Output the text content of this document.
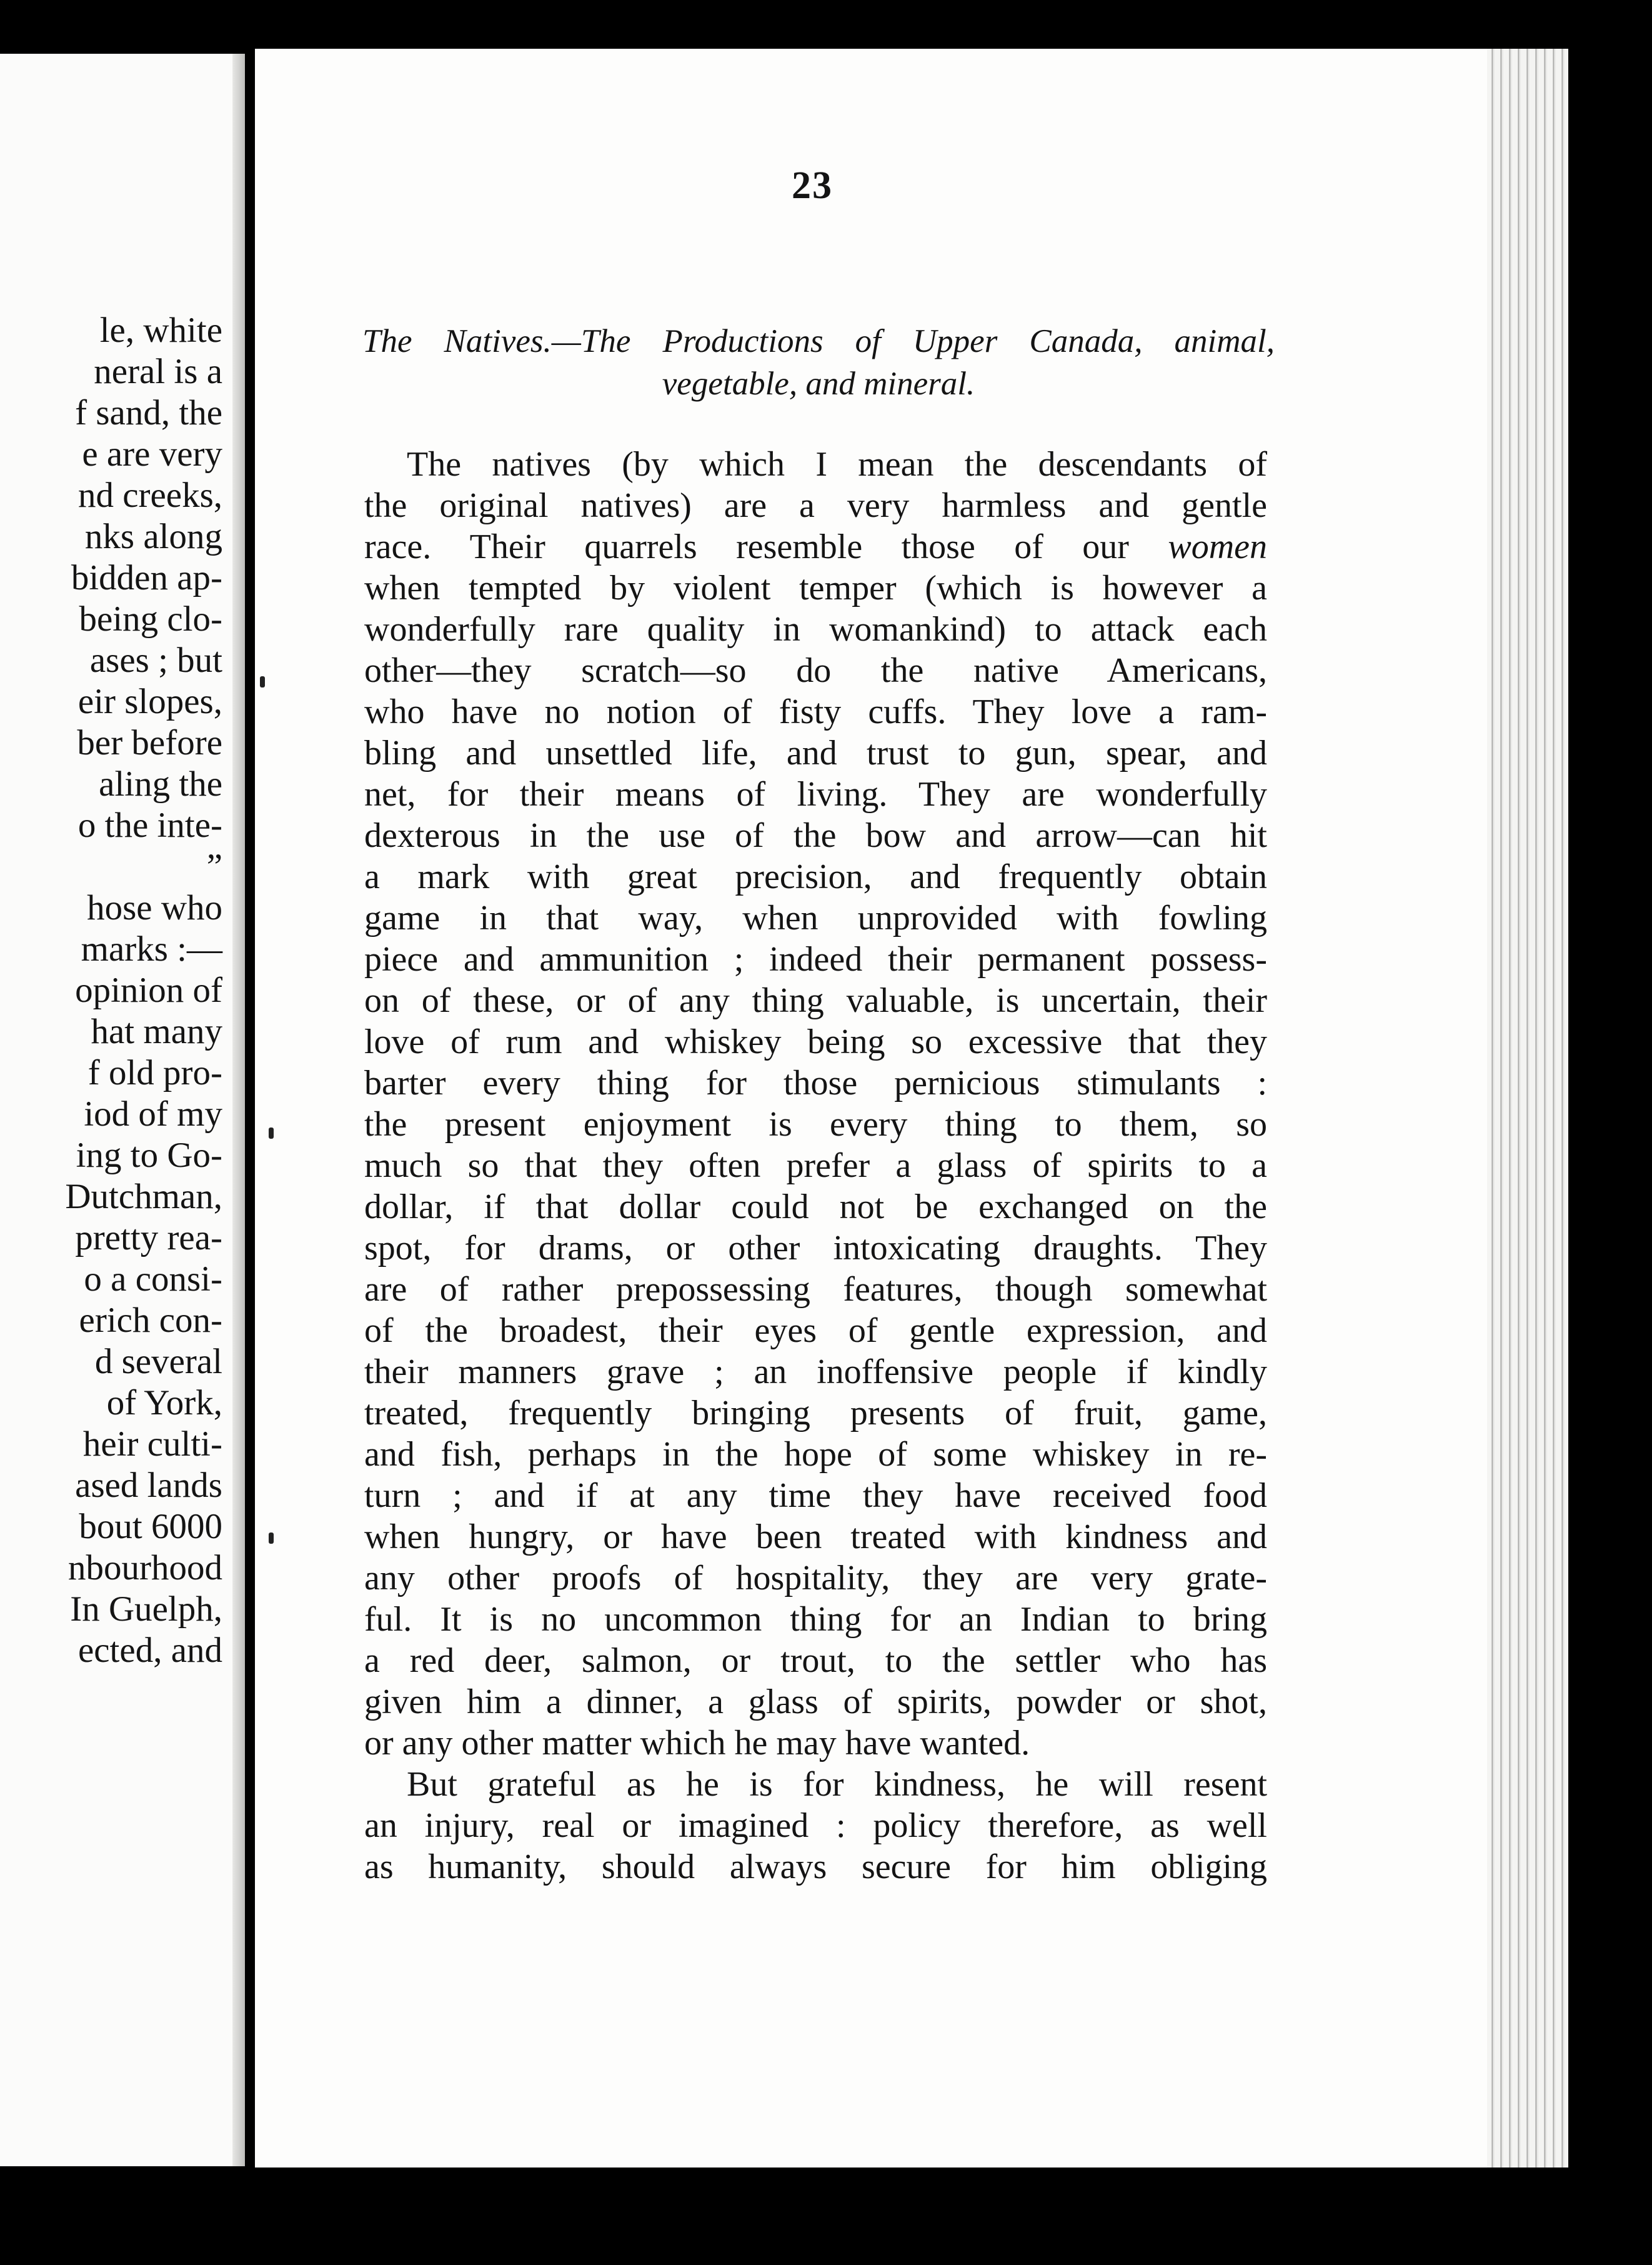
le, white
neral is a
f sand, the
e are very
nd creeks,
nks along
bidden ap-
being clo-
ases ; but
eir slopes,
ber before
aling the
o the inte-
”
hose who
marks :—
opinion of
hat many
f old pro-
iod of my
ing to Go-
Dutchman,
pretty rea-
o a consi-
erich con-
d several
of York,
heir culti-
ased lands
bout 6000
nbourhood
In Guelph,
ected, and
23
The Natives.—The Productions of Upper Canada, animal,
vegetable, and mineral.
The natives (by which I mean the descendants of
the original natives) are a very harmless and gentle
race. Their quarrels resemble those of our women
when tempted by violent temper (which is however a
wonderfully rare quality in womankind) to attack each
other—they scratch—so do the native Americans,
who have no notion of fisty cuffs. They love a ram-
bling and unsettled life, and trust to gun, spear, and
net, for their means of living. They are wonderfully
dexterous in the use of the bow and arrow—can hit
a mark with great precision, and frequently obtain
game in that way, when unprovided with fowling
piece and ammunition ; indeed their permanent possess-
on of these, or of any thing valuable, is uncertain, their
love of rum and whiskey being so excessive that they
barter every thing for those pernicious stimulants :
the present enjoyment is every thing to them, so
much so that they often prefer a glass of spirits to a
dollar, if that dollar could not be exchanged on the
spot, for drams, or other intoxicating draughts. They
are of rather prepossessing features, though somewhat
of the broadest, their eyes of gentle expression, and
their manners grave ; an inoffensive people if kindly
treated, frequently bringing presents of fruit, game,
and fish, perhaps in the hope of some whiskey in re-
turn ; and if at any time they have received food
when hungry, or have been treated with kindness and
any other proofs of hospitality, they are very grate-
ful. It is no uncommon thing for an Indian to bring
a red deer, salmon, or trout, to the settler who has
given him a dinner, a glass of spirits, powder or shot,
or any other matter which he may have wanted.
But grateful as he is for kindness, he will resent
an injury, real or imagined : policy therefore, as well
as humanity, should always secure for him obliging
